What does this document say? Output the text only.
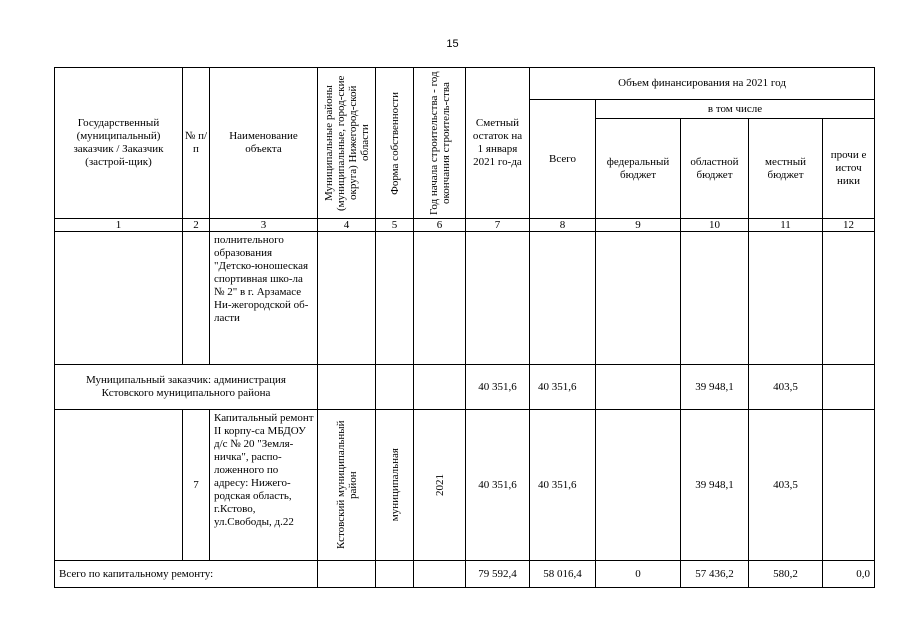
15
Государственный (муниципальный) заказчик / Заказчик (застрой-щик)	№ п/п	Наименование объекта	Муниципальные районы (муниципальные, город-ские округа) Нижегород-ской области	Форма собственности	Год начала строительства - год окончания строитель-ства	Сметный остаток на 1 января 2021 го-да	Объем финансирования на 2021 год				
							Всего	в том числе			
								федеральный бюджет	областной бюджет	местный бюджет	прочи е источ ники
1	2	3	4	5	6	7	8	9	10	11	12
		полнительного образования "Детско-юношеская спортивная шко-ла № 2" в г. Арзамасе Ни-жегородской об-ласти									
Муниципальный заказчик: администрация Кстовского муниципального района						40 351,6	40 351,6		39 948,1	403,5	
	7	Капитальный ремонт II корпу-са МБДОУ д/с № 20 "Земля-ничка", распо-ложенного по адресу: Нижего-родская область, г.Кстово, ул.Свободы, д.22	Кстовский муниципальный район	муниципальная	2021	40 351,6	40 351,6		39 948,1	403,5	
Всего по капитальному ремонту:						79 592,4	58 016,4	0	57 436,2	580,2	0,0
